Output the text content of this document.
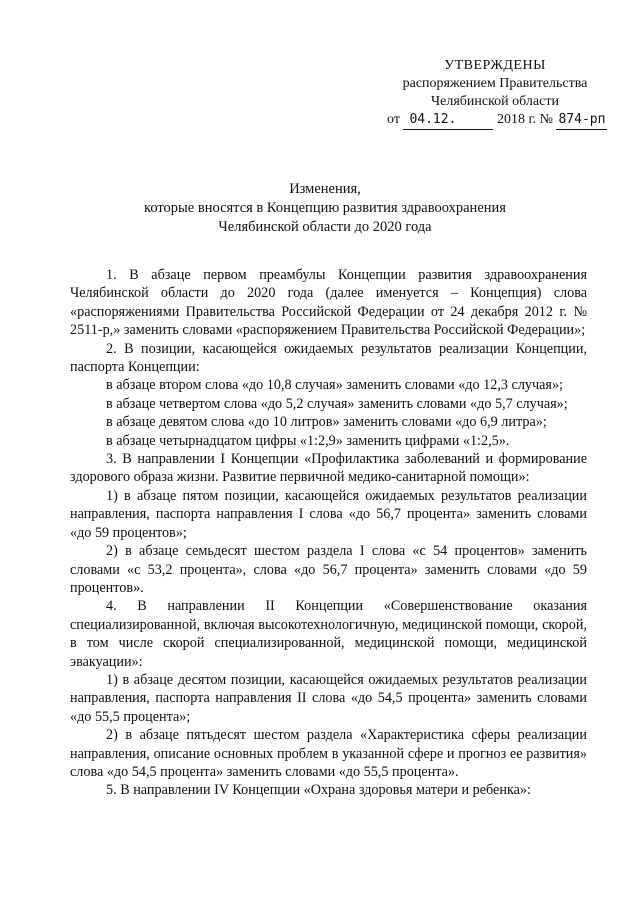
УТВЕРЖДЕНЫ
распоряжением Правительства
Челябинской области
от 04.12.	2018 г. № 874-рп
Изменения,
которые вносятся в Концепцию развития здравоохранения
Челябинской области до 2020 года

1. В абзаце первом преамбулы Концепции развития здравоохранения Челябинской области до 2020 года (далее именуется – Концепция) слова «распоряжениями Правительства Российской Федерации от 24 декабря 2012 г. № 2511-р,» заменить словами «распоряжением Правительства Российской Федерации»;

2. В позиции, касающейся ожидаемых результатов реализации Концепции, паспорта Концепции:

в абзаце втором слова «до 10,8 случая» заменить словами «до 12,3 случая»;

в абзаце четвертом слова «до 5,2 случая» заменить словами «до 5,7 случая»;

в абзаце девятом слова «до 10 литров» заменить словами «до 6,9 литра»;

в абзаце четырнадцатом цифры «1:2,9» заменить цифрами «1:2,5».

3. В направлении I Концепции «Профилактика заболеваний и формирование здорового образа жизни. Развитие первичной медико-санитарной помощи»:

1) в абзаце пятом позиции, касающейся ожидаемых результатов реализации направления, паспорта направления I слова «до 56,7 процента» заменить словами «до 59 процентов»;

2) в абзаце семьдесят шестом раздела I слова «с 54 процентов» заменить словами «с 53,2 процента», слова «до 56,7 процента» заменить словами «до 59 процентов».

4. В направлении II Концепции «Совершенствование оказания специализированной, включая высокотехнологичную, медицинской помощи, скорой, в том числе скорой специализированной, медицинской помощи, медицинской эвакуации»:

1) в абзаце десятом позиции, касающейся ожидаемых результатов реализации направления, паспорта направления II слова «до 54,5 процента» заменить словами «до 55,5 процента»;

2) в абзаце пятьдесят шестом раздела «Характеристика сферы реализации направления, описание основных проблем в указанной сфере и прогноз ее развития» слова «до 54,5 процента» заменить словами «до 55,5 процента».

5. В направлении IV Концепции «Охрана здоровья матери и ребенка»:
